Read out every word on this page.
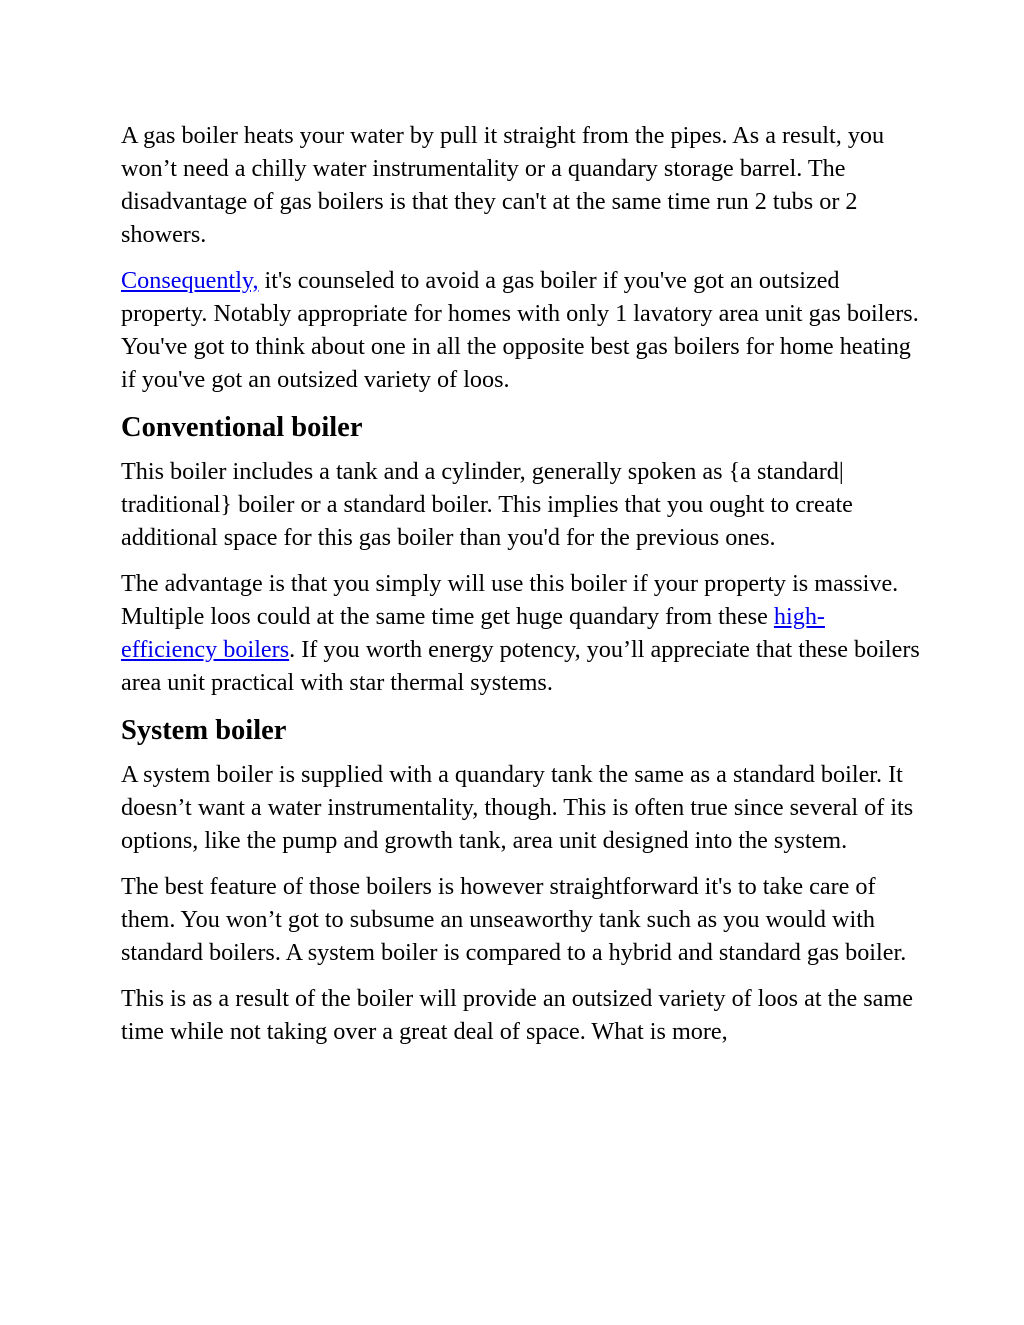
A gas boiler heats your water by pull it straight from the pipes. As a result, you won’t need a chilly water instrumentality or a quandary storage barrel. The disadvantage of gas boilers is that they can't at the same time run 2 tubs or 2 showers.

Consequently, it's counseled to avoid a gas boiler if you've got an outsized property. Notably appropriate for homes with only 1 lavatory area unit gas boilers. You've got to think about one in all the opposite best gas boilers for home heating if you've got an outsized variety of loos.

Conventional boiler

This boiler includes a tank and a cylinder, generally spoken as {a standard| traditional} boiler or a standard boiler. This implies that you ought to create additional space for this gas boiler than you'd for the previous ones.

The advantage is that you simply will use this boiler if your property is massive. Multiple loos could at the same time get huge quandary from these high-efficiency boilers. If you worth energy potency, you’ll appreciate that these boilers area unit practical with star thermal systems.

System boiler

A system boiler is supplied with a quandary tank the same as a standard boiler. It doesn’t want a water instrumentality, though. This is often true since several of its options, like the pump and growth tank, area unit designed into the system.

The best feature of those boilers is however straightforward it's to take care of them. You won’t got to subsume an unseaworthy tank such as you would with standard boilers. A system boiler is compared to a hybrid and standard gas boiler.

This is as a result of the boiler will provide an outsized variety of loos at the same time while not taking over a great deal of space. What is more,
